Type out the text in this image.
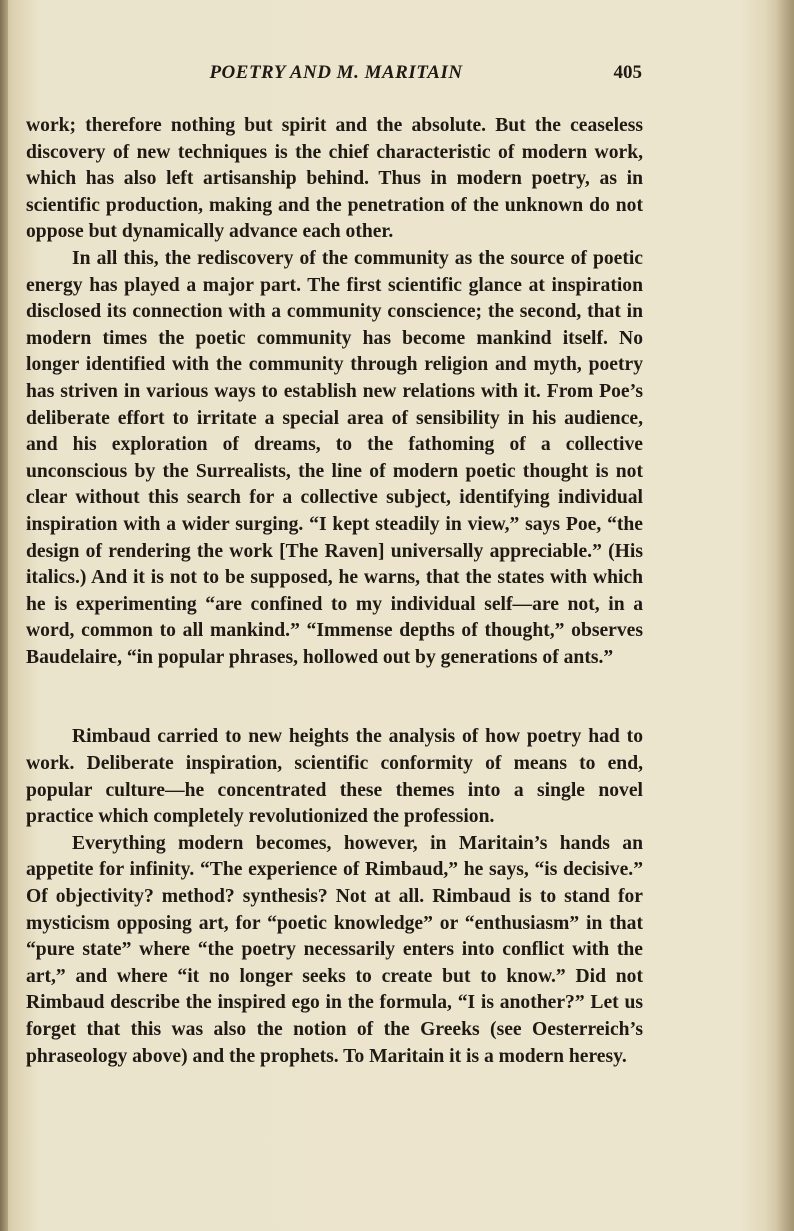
POETRY AND M. MARITAIN	405

work; therefore nothing but spirit and the absolute. But the ceaseless discovery of new techniques is the chief characteristic of modern work, which has also left artisanship behind. Thus in modern poetry, as in scientific production, making and the penetration of the unknown do not oppose but dynamically advance each other.

In all this, the rediscovery of the community as the source of poetic energy has played a major part. The first scientific glance at inspiration disclosed its connection with a community conscience; the second, that in modern times the poetic community has become mankind itself. No longer identified with the community through religion and myth, poetry has striven in various ways to establish new relations with it. From Poe’s deliberate effort to irritate a special area of sensibility in his audience, and his exploration of dreams, to the fathoming of a collective unconscious by the Surrealists, the line of modern poetic thought is not clear without this search for a collective subject, identifying individual inspiration with a wider surging. “I kept steadily in view,” says Poe, “the design of rendering the work [The Raven] universally appreciable.” (His italics.) And it is not to be supposed, he warns, that the states with which he is experimenting “are confined to my individual self—are not, in a word, common to all mankind.” “Immense depths of thought,” observes Baudelaire, “in popular phrases, hollowed out by generations of ants.”

Rimbaud carried to new heights the analysis of how poetry had to work. Deliberate inspiration, scientific conformity of means to end, popular culture—he concentrated these themes into a single novel practice which completely revolutionized the profession.

Everything modern becomes, however, in Maritain’s hands an appetite for infinity. “The experience of Rimbaud,” he says, “is decisive.” Of objectivity? method? synthesis? Not at all. Rimbaud is to stand for mysticism opposing art, for “poetic knowledge” or “enthusiasm” in that “pure state” where “the poetry necessarily enters into conflict with the art,” and where “it no longer seeks to create but to know.” Did not Rimbaud describe the inspired ego in the formula, “I is another?” Let us forget that this was also the notion of the Greeks (see Oesterreich’s phraseology above) and the prophets. To Maritain it is a modern heresy.
